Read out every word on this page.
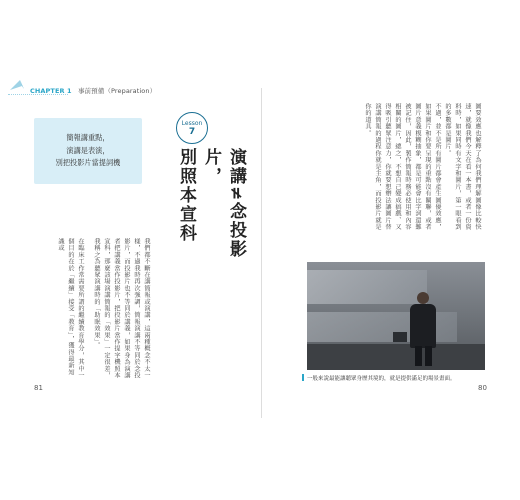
CHAPTER 1 事前預備（Preparation）
簡報講重點，
演講是表演，
別把投影片當提詞機
Lesson
7
演講≠念投影片，
別照本宣科
我們都不斷在講簡報或演講，這兩種概念不太一樣，不過我時再次強調，簡報演講不等同於念投影片，而投影片也不等同於講義，如果身為演講者把講義當作投影片，把投影片當作提字機照本宣科，那麼該場演講簡報的「效果」一定很差，我稱之為聽眾演講時的「助眠效果」。
在臨床工作常需要所謂的繼續教育學分，其中一個目的在於「繼續」接受「教育」，獲得最新知識或
圖要效應也解釋了為何我們理解圖像比較快速，就像我們今天在看一本書，或者一份資料時，如果同時有文字和圖片，第一眼看到的多數都是圖片。
不過，並不是所有圖片都會產生圖優效應，如果圖片和你要呈現的重點沒有關聯，或者圖片意義模糊抽象，都是可能會比字詞還難被記住，因此，製作簡報時務必使用和內容相關的圖片，總之，不想自己變成搞戲、又得吸引聽眾注意力，你就要想辦法讓圖片替演講簡報的過程你就是主角，而投影片就是你的道具。
一般來說最能讓聽眾身歷其境的，就是提供滿足的場景畫面。
81	80
